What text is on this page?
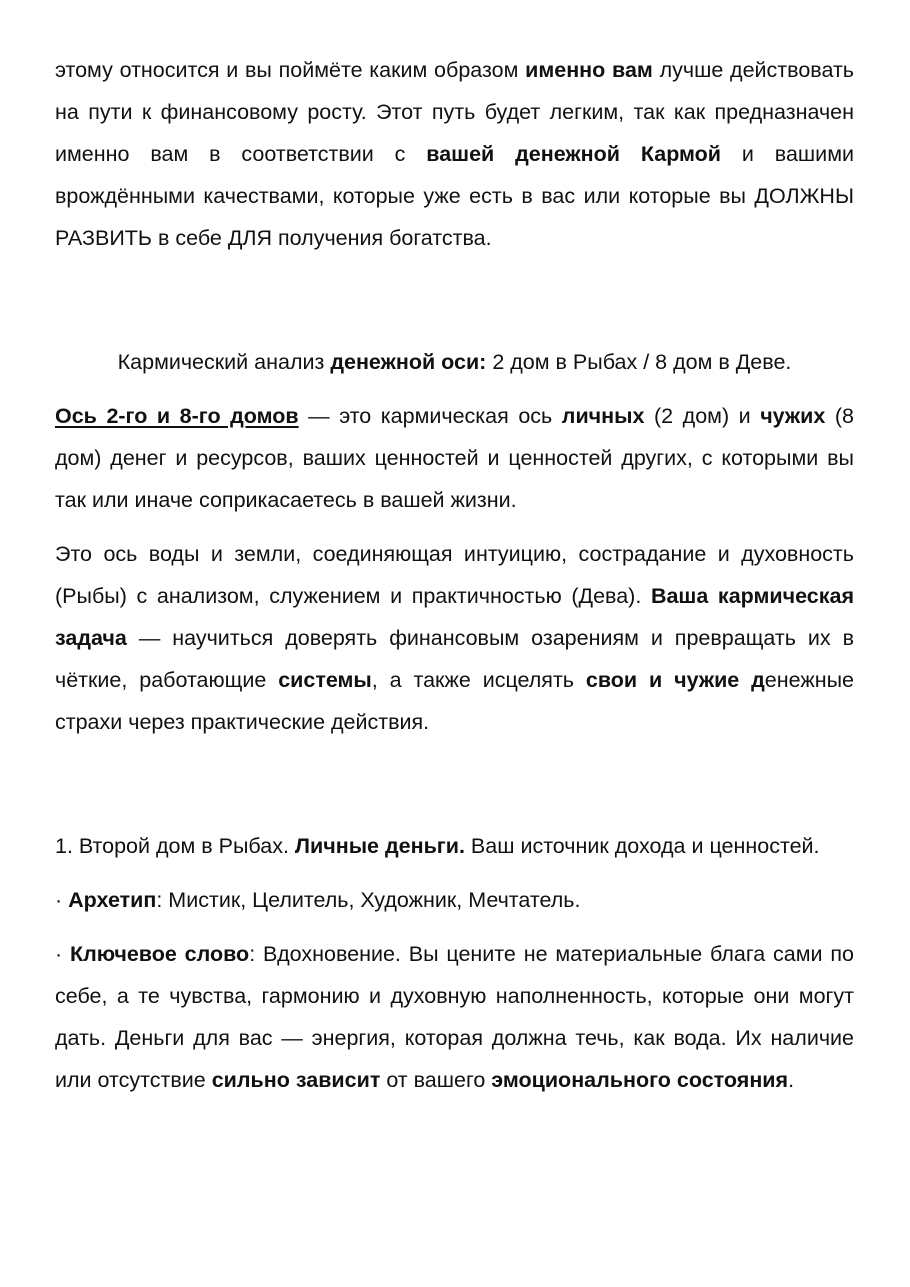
этому относится и вы поймёте каким образом именно вам лучше действовать на пути к финансовому росту. Этот путь будет легким, так как предназначен именно вам в соответствии с вашей денежной Кармой и вашими врождёнными качествами, которые уже есть в вас или которые вы ДОЛЖНЫ РАЗВИТЬ в себе ДЛЯ получения богатства.

Кармический анализ денежной оси: 2 дом в Рыбах / 8 дом в Деве.

Ось 2-го и 8-го домов — это кармическая ось личных (2 дом) и чужих (8 дом) денег и ресурсов, ваших ценностей и ценностей других, с которыми вы так или иначе соприкасаетесь в вашей жизни.

Это ось воды и земли, соединяющая интуицию, сострадание и духовность (Рыбы) с анализом, служением и практичностью (Дева). Ваша кармическая задача — научиться доверять финансовым озарениям и превращать их в чёткие, работающие системы, а также исцелять свои и чужие денежные страхи через практические действия.

1. Второй дом в Рыбах. Личные деньги. Ваш источник дохода и ценностей.

· Архетип: Мистик, Целитель, Художник, Мечтатель.

· Ключевое слово: Вдохновение. Вы цените не материальные блага сами по себе, а те чувства, гармонию и духовную наполненность, которые они могут дать. Деньги для вас — энергия, которая должна течь, как вода. Их наличие или отсутствие сильно зависит от вашего эмоционального состояния.
